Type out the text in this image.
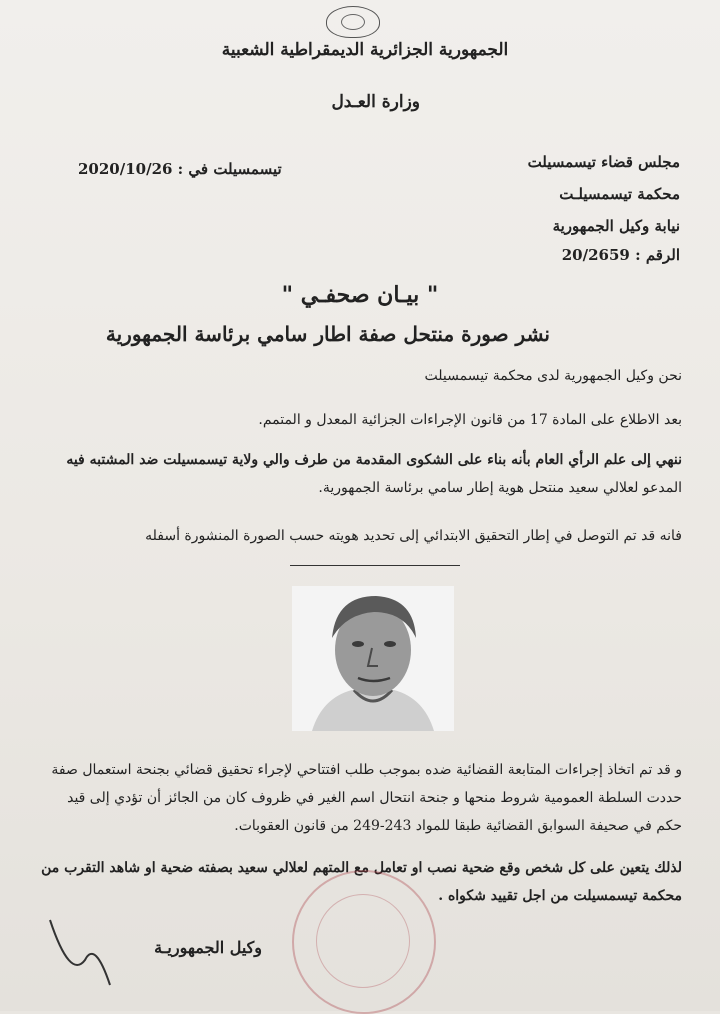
الجمهورية الجزائرية الديمقراطية الشعبية
وزارة العـدل
تيسمسيلت في : 2020/10/26	مجلس قضاء تيسمسيلت
محكمة تيسمسيلـت
نيابة وكيل الجمهورية
الرقم : 20/2659
" بيـان صحفـي "
نشر صورة منتحل صفة اطار سامي برئاسة الجمهورية
نحن وكيل الجمهورية لدى محكمة تيسمسيلت
بعد الاطلاع على المادة 17 من قانون الإجراءات الجزائية المعدل و المتمم.
ننهي إلى علم الرأي العام بأنه بناء على الشكوى المقدمة من طرف والي ولاية تيسمسيلت ضد المشتبه فيه
المدعو لعلالي سعيد منتحل هوية إطار سامي برئاسة الجمهورية.
فانه قد تم التوصل في إطار التحقيق الابتدائي إلى تحديد هويته حسب الصورة المنشورة أسفله
و قد تم اتخاذ إجراءات المتابعة القضائية ضده بموجب طلب افتتاحي لإجراء تحقيق قضائي بجنحة استعمال صفة
حددت السلطة العمومية شروط منحها و جنحة انتحال اسم الغير في ظروف كان من الجائز أن تؤدي إلى قيد
حكم في صحيفة السوابق القضائية طبقا للمواد 243-249 من قانون العقوبات.
لذلك يتعين على كل شخص وقع ضحية نصب او تعامل مع المتهم لعلالي سعيد بصفته ضحية او شاهد التقرب من
محكمة تيسمسيلت من اجل تقييد شكواه .
وكيل الجمهوريـة
